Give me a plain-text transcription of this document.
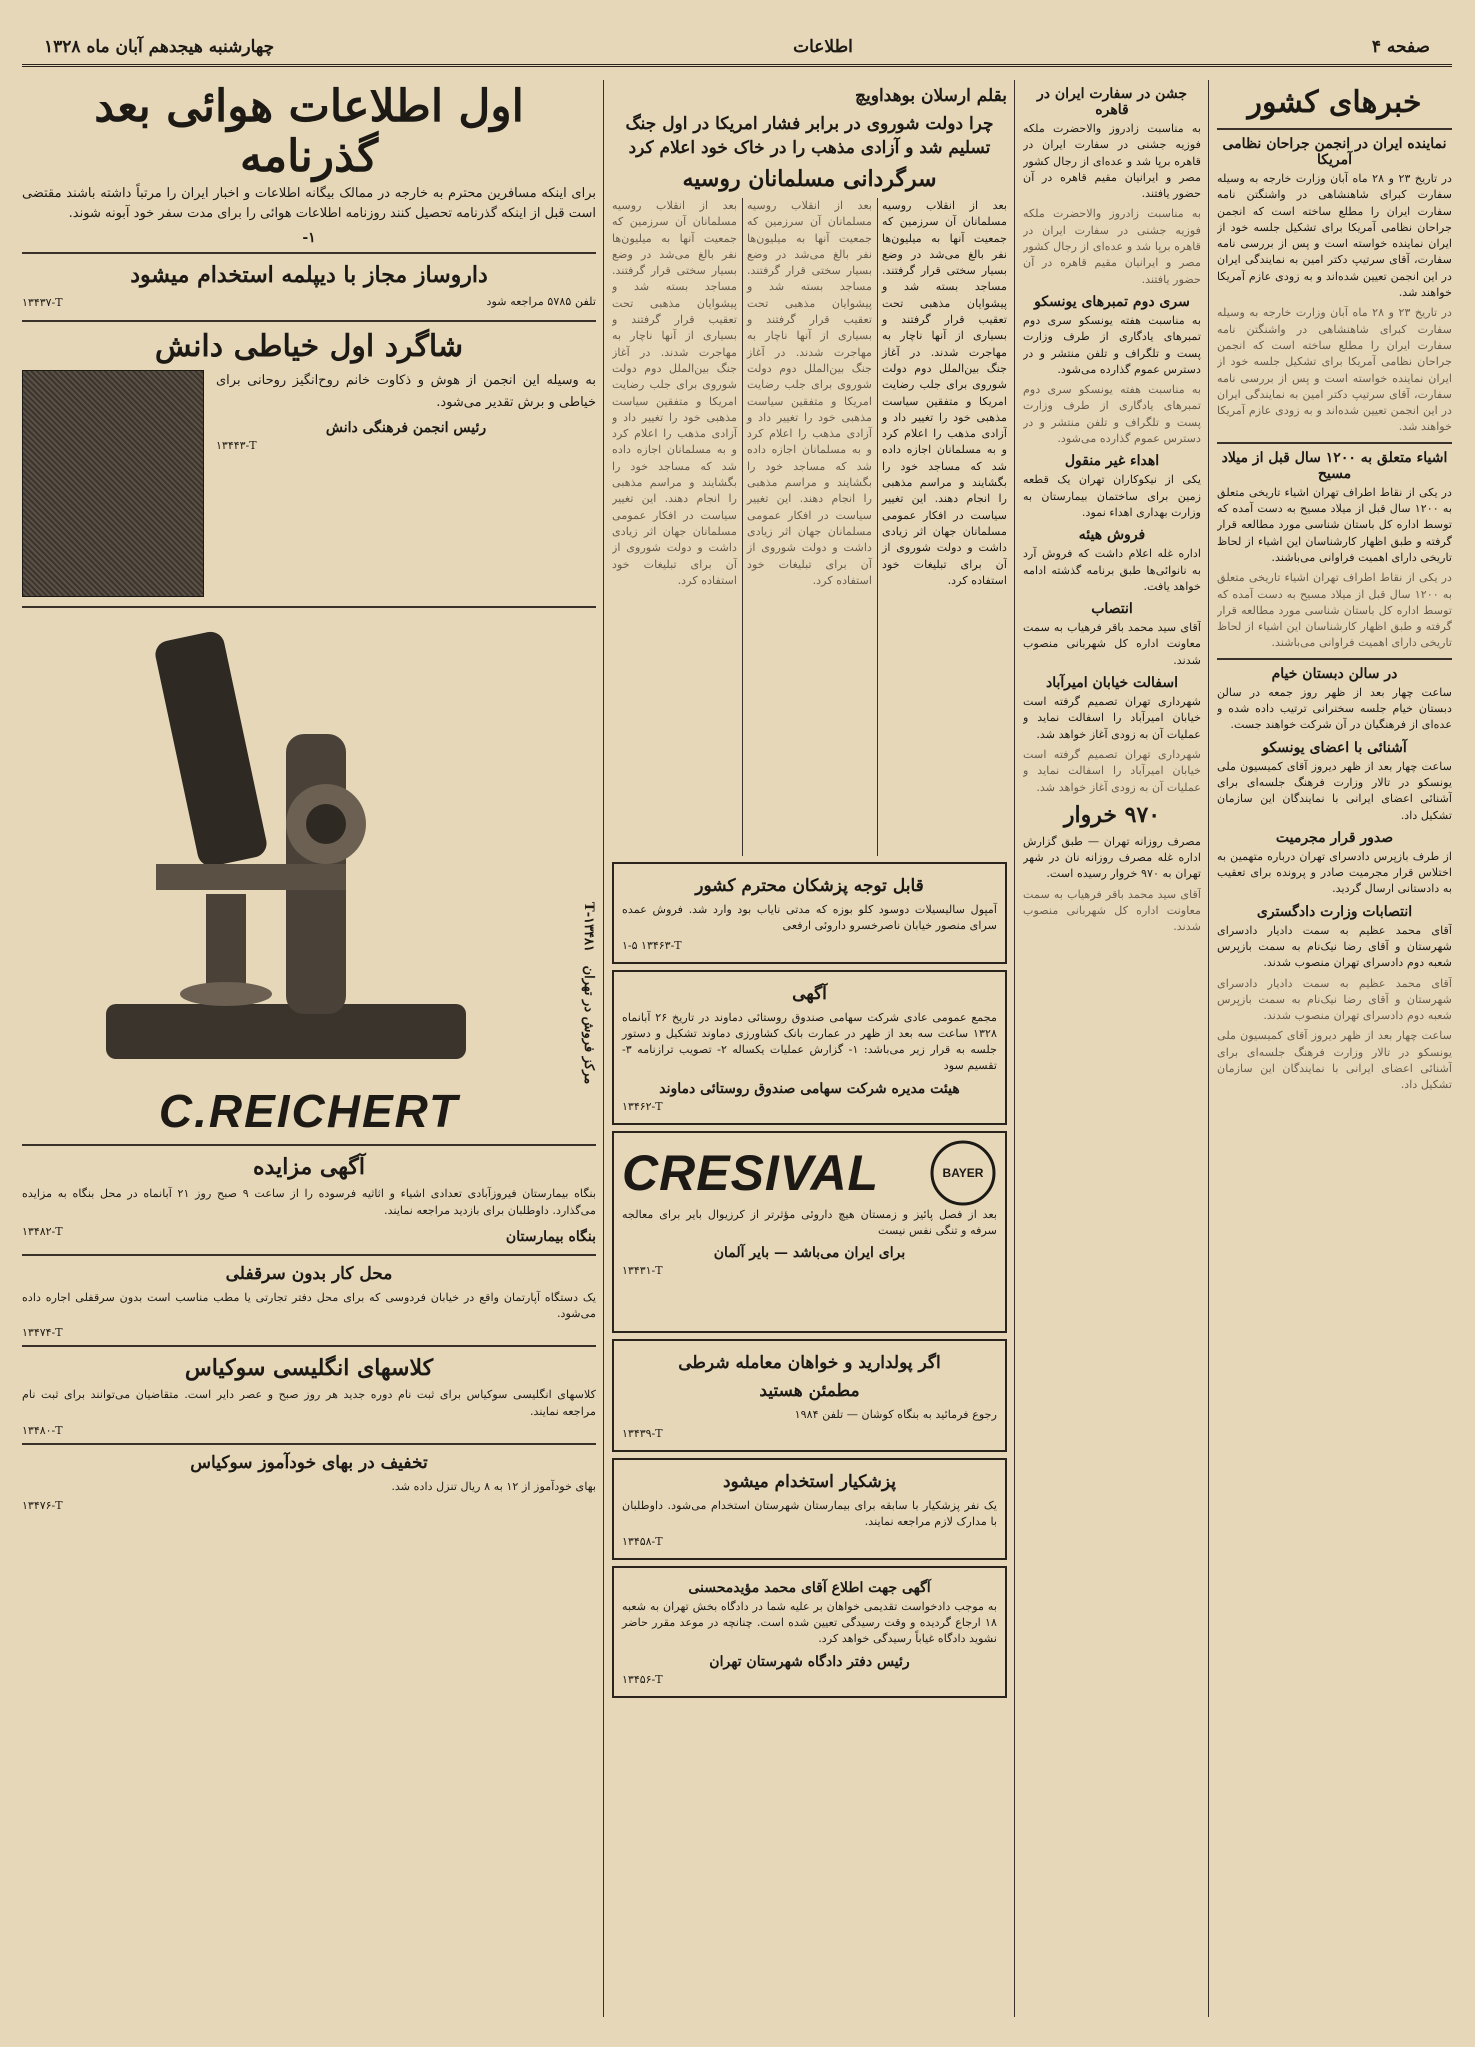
صفحه ۴
اطلاعات
چهارشنبه هیجدهم آبان ماه ۱۳۲۸
خبرهای کشور
نماینده ایران در انجمن جراحان نظامی آمریکا

در تاریخ ۲۳ و ۲۸ ماه آبان وزارت خارجه به وسیله سفارت کبرای شاهنشاهی در واشنگتن نامه سفارت ایران را مطلع ساخته است که انجمن جراحان نظامی آمریکا برای تشکیل جلسه خود از ایران نماینده خواسته است و پس از بررسی نامه سفارت، آقای سرتیپ دکتر امین به نمایندگی ایران در این انجمن تعیین شده‌اند و به زودی عازم آمریکا خواهند شد.

در تاریخ ۲۳ و ۲۸ ماه آبان وزارت خارجه به وسیله سفارت کبرای شاهنشاهی در واشنگتن نامه سفارت ایران را مطلع ساخته است که انجمن جراحان نظامی آمریکا برای تشکیل جلسه خود از ایران نماینده خواسته است و پس از بررسی نامه سفارت، آقای سرتیپ دکتر امین به نمایندگی ایران در این انجمن تعیین شده‌اند و به زودی عازم آمریکا خواهند شد.

اشیاء متعلق به ۱۲۰۰ سال قبل از میلاد مسیح

در یکی از نقاط اطراف تهران اشیاء تاریخی متعلق به ۱۲۰۰ سال قبل از میلاد مسیح به دست آمده که توسط اداره کل باستان شناسی مورد مطالعه قرار گرفته و طبق اظهار کارشناسان این اشیاء از لحاظ تاریخی دارای اهمیت فراوانی می‌باشند.

در یکی از نقاط اطراف تهران اشیاء تاریخی متعلق به ۱۲۰۰ سال قبل از میلاد مسیح به دست آمده که توسط اداره کل باستان شناسی مورد مطالعه قرار گرفته و طبق اظهار کارشناسان این اشیاء از لحاظ تاریخی دارای اهمیت فراوانی می‌باشند.

در سالن دبستان خیام

ساعت چهار بعد از ظهر روز جمعه در سالن دبستان خیام جلسه سخنرانی ترتیب داده شده و عده‌ای از فرهنگیان در آن شرکت خواهند جست.

آشنائی با اعضای یونسکو

ساعت چهار بعد از ظهر دیروز آقای کمیسیون ملی یونسکو در تالار وزارت فرهنگ جلسه‌ای برای آشنائی اعضای ایرانی با نمایندگان این سازمان تشکیل داد.

صدور قرار مجرمیت

از طرف بازپرس دادسرای تهران درباره متهمین به اختلاس قرار مجرمیت صادر و پرونده برای تعقیب به دادستانی ارسال گردید.

انتصابات وزارت دادگستری

آقای محمد عظیم به سمت دادیار دادسرای شهرستان و آقای رضا نیک‌نام به سمت بازپرس شعبه دوم دادسرای تهران منصوب شدند.

آقای محمد عظیم به سمت دادیار دادسرای شهرستان و آقای رضا نیک‌نام به سمت بازپرس شعبه دوم دادسرای تهران منصوب شدند.

ساعت چهار بعد از ظهر دیروز آقای کمیسیون ملی یونسکو در تالار وزارت فرهنگ جلسه‌ای برای آشنائی اعضای ایرانی با نمایندگان این سازمان تشکیل داد.

جشن در سفارت ایران در قاهره

به مناسبت زادروز والاحضرت ملکه فوزیه جشنی در سفارت ایران در قاهره برپا شد و عده‌ای از رجال کشور مصر و ایرانیان مقیم قاهره در آن حضور یافتند.

به مناسبت زادروز والاحضرت ملکه فوزیه جشنی در سفارت ایران در قاهره برپا شد و عده‌ای از رجال کشور مصر و ایرانیان مقیم قاهره در آن حضور یافتند.

سری دوم تمبرهای یونسکو

به مناسبت هفته یونسکو سری دوم تمبرهای یادگاری از طرف وزارت پست و تلگراف و تلفن منتشر و در دسترس عموم گذارده می‌شود.

به مناسبت هفته یونسکو سری دوم تمبرهای یادگاری از طرف وزارت پست و تلگراف و تلفن منتشر و در دسترس عموم گذارده می‌شود.

اهداء غیر منقول

یکی از نیکوکاران تهران یک قطعه زمین برای ساختمان بیمارستان به وزارت بهداری اهداء نمود.

فروش هیئه

اداره غله اعلام داشت که فروش آرد به نانوائی‌ها طبق برنامه گذشته ادامه خواهد یافت.

انتصاب

آقای سید محمد باقر فرهیاب به سمت معاونت اداره کل شهربانی منصوب شدند.

اسفالت خیابان امیرآباد

شهرداری تهران تصمیم گرفته است خیابان امیرآباد را اسفالت نماید و عملیات آن به زودی آغاز خواهد شد.

شهرداری تهران تصمیم گرفته است خیابان امیرآباد را اسفالت نماید و عملیات آن به زودی آغاز خواهد شد.

۹۷۰ خروار

مصرف روزانه تهران — طبق گزارش اداره غله مصرف روزانه نان در شهر تهران به ۹۷۰ خروار رسیده است.

آقای سید محمد باقر فرهیاب به سمت معاونت اداره کل شهربانی منصوب شدند.

بقلم ارسلان بوهداویچ
چرا دولت شوروی در برابر فشار امریکا در اول جنگ تسلیم شد و آزادی مذهب را در خاک خود اعلام کرد
سرگردانی مسلمانان روسیه

بعد از انقلاب روسیه مسلمانان آن سرزمین که جمعیت آنها به میلیون‌ها نفر بالغ می‌شد در وضع بسیار سختی قرار گرفتند. مساجد بسته شد و پیشوایان مذهبی تحت تعقیب قرار گرفتند و بسیاری از آنها ناچار به مهاجرت شدند. در آغاز جنگ بین‌الملل دوم دولت شوروی برای جلب رضایت امریکا و متفقین سیاست مذهبی خود را تغییر داد و آزادی مذهب را اعلام کرد و به مسلمانان اجازه داده شد که مساجد خود را بگشایند و مراسم مذهبی را انجام دهند. این تغییر سیاست در افکار عمومی مسلمانان جهان اثر زیادی داشت و دولت شوروی از آن برای تبلیغات خود استفاده کرد.

بعد از انقلاب روسیه مسلمانان آن سرزمین که جمعیت آنها به میلیون‌ها نفر بالغ می‌شد در وضع بسیار سختی قرار گرفتند. مساجد بسته شد و پیشوایان مذهبی تحت تعقیب قرار گرفتند و بسیاری از آنها ناچار به مهاجرت شدند. در آغاز جنگ بین‌الملل دوم دولت شوروی برای جلب رضایت امریکا و متفقین سیاست مذهبی خود را تغییر داد و آزادی مذهب را اعلام کرد و به مسلمانان اجازه داده شد که مساجد خود را بگشایند و مراسم مذهبی را انجام دهند. این تغییر سیاست در افکار عمومی مسلمانان جهان اثر زیادی داشت و دولت شوروی از آن برای تبلیغات خود استفاده کرد.

بعد از انقلاب روسیه مسلمانان آن سرزمین که جمعیت آنها به میلیون‌ها نفر بالغ می‌شد در وضع بسیار سختی قرار گرفتند. مساجد بسته شد و پیشوایان مذهبی تحت تعقیب قرار گرفتند و بسیاری از آنها ناچار به مهاجرت شدند. در آغاز جنگ بین‌الملل دوم دولت شوروی برای جلب رضایت امریکا و متفقین سیاست مذهبی خود را تغییر داد و آزادی مذهب را اعلام کرد و به مسلمانان اجازه داده شد که مساجد خود را بگشایند و مراسم مذهبی را انجام دهند. این تغییر سیاست در افکار عمومی مسلمانان جهان اثر زیادی داشت و دولت شوروی از آن برای تبلیغات خود استفاده کرد.

قابل توجه پزشکان محترم کشور

آمپول سالیسیلات دوسود کلو بوزه که مدتی نایاب بود وارد شد. فروش عمده سرای منصور خیابان ناصرخسرو داروئی ارفعی

۱-۵ ۱۳۴۶۳-T
آگهی

مجمع عمومی عادی شرکت سهامی صندوق روستائی دماوند در تاریخ ۲۶ آبانماه ۱۳۲۸ ساعت سه بعد از ظهر در عمارت بانک کشاورزی دماوند تشکیل و دستور جلسه به قرار زیر می‌باشد: ۱- گزارش عملیات یکساله ۲- تصویب ترازنامه ۳- تقسیم سود

هیئت مدیره شرکت سهامی صندوق روستائی دماوند
۱۳۴۶۲-T
CRESIVAL	BAYER

بعد از فصل پائیز و زمستان هیچ داروئی مؤثرتر از کرزیوال بایر برای معالجه سرفه و تنگی نفس نیست

برای ایران می‌باشد — بایر آلمان
۱۳۴۳۱-T
اگر پولدارید و خواهان معامله شرطی
مطمئن هستید

رجوع فرمائید به بنگاه کوشان — تلفن ۱۹۸۴

۱۳۴۳۹-T
پزشکیار استخدام میشود

یک نفر پزشکیار با سابقه برای بیمارستان شهرستان استخدام می‌شود. داوطلبان با مدارک لازم مراجعه نمایند.

۱۳۴۵۸-T
آگهی جهت اطلاع آقای محمد مؤیدمحسنی

به موجب دادخواست تقدیمی خواهان بر علیه شما در دادگاه بخش تهران به شعبه ۱۸ ارجاع گردیده و وقت رسیدگی تعیین شده است. چنانچه در موعد مقرر حاضر نشوید دادگاه غیاباً رسیدگی خواهد کرد.

رئیس دفتر دادگاه شهرستان تهران
۱۳۴۵۶-T
اول اطلاعات هوائی بعد گذرنامه

برای اینکه مسافرین محترم به خارجه در ممالک بیگانه اطلاعات و اخبار ایران را مرتباً داشته باشند مقتضی است قبل از اینکه گذرنامه تحصیل کنند روزنامه اطلاعات هوائی را برای مدت سفر خود آبونه شوند.

۱-
داروساز مجاز با دیپلمه استخدام میشود
تلفن ۵۷۸۵ مراجعه شود
۱۳۴۳۷-T
شاگرد اول خیاطی دانش

به وسیله این انجمن از هوش و ذکاوت خانم روح‌انگیز روحانی برای خیاطی و برش تقدیر می‌شود.

رئیس انجمن فرهنگی دانش
۱۳۴۴۳-T
مرکز فروش در تهران   ۱۳۴۸۱-T
C.REICHERT
آگهی مزایده

بنگاه بیمارستان فیروزآبادی تعدادی اشیاء و اثاثیه فرسوده را از ساعت ۹ صبح روز ۲۱ آبانماه در محل بنگاه به مزایده می‌گذارد. داوطلبان برای بازدید مراجعه نمایند.

بنگاه بیمارستان
۱۳۴۸۲-T
محل کار بدون سرقفلی

یک دستگاه آپارتمان واقع در خیابان فردوسی که برای محل دفتر تجارتی یا مطب مناسب است بدون سرقفلی اجاره داده می‌شود.

۱۳۴۷۴-T
کلاسهای انگلیسی سوکیاس

کلاسهای انگلیسی سوکیاس برای ثبت نام دوره جدید هر روز صبح و عصر دایر است. متقاضیان می‌توانند برای ثبت نام مراجعه نمایند.

۱۳۴۸۰-T
تخفیف در بهای خودآموز سوکیاس

بهای خودآموز از ۱۲ به ۸ ریال تنزل داده شد.

۱۳۴۷۶-T
